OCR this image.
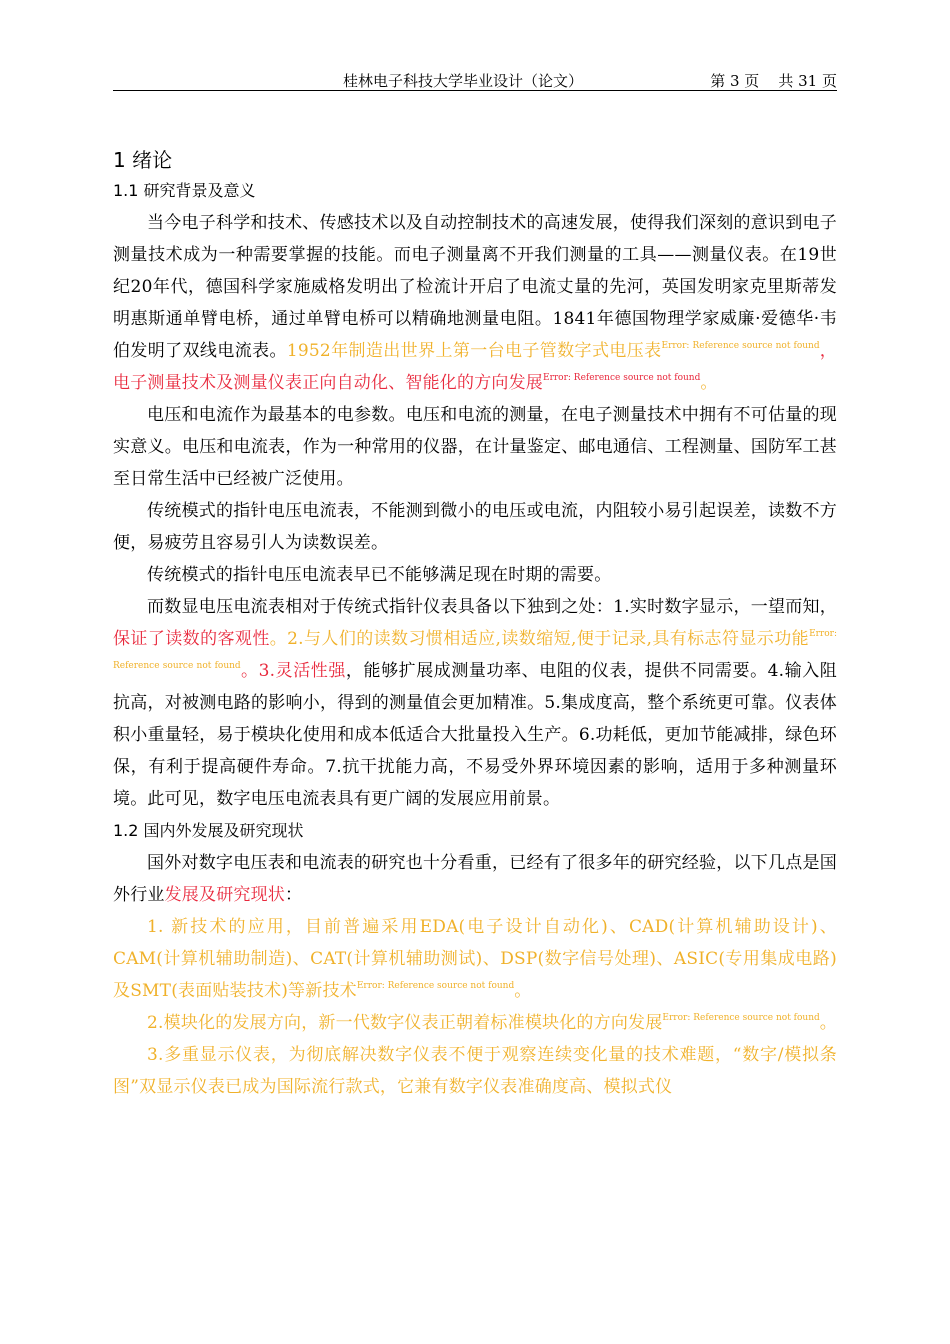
桂林电子科技大学毕业设计（论文）	第 3 页 共 31 页
1 绪论
1.1 研究背景及意义

当今电子科学和技术、传感技术以及自动控制技术的高速发展，使得我们深刻的意识到电子测量技术成为一种需要掌握的技能。而电子测量离不开我们测量的工具——测量仪表。在19世纪20年代，德国科学家施威格发明出了检流计开启了电流丈量的先河，英国发明家克里斯蒂发明惠斯通单臂电桥，通过单臂电桥可以精确地测量电阻。1841年德国物理学家威廉·爱德华·韦伯发明了双线电流表。1952年制造出世界上第一台电子管数字式电压表$^{Error: Reference source not found}$，电子测量技术及测量仪表正向自动化、智能化的方向发展$^{Error: Reference source not found}$。

电压和电流作为最基本的电参数。电压和电流的测量，在电子测量技术中拥有不可估量的现实意义。电压和电流表，作为一种常用的仪器，在计量鉴定、邮电通信、工程测量、国防军工甚至日常生活中已经被广泛使用。

传统模式的指针电压电流表，不能测到微小的电压或电流，内阻较小易引起误差，读数不方便，易疲劳且容易引人为读数误差。

传统模式的指针电压电流表早已不能够满足现在时期的需要。

而数显电压电流表相对于传统式指针仪表具备以下独到之处：1.实时数字显示，一望而知，保证了读数的客观性。2.与人们的读数习惯相适应,读数缩短,便于记录,具有标志符显示功能$^{Error: Reference source not found}$。3.灵活性强，能够扩展成测量功率、电阻的仪表，提供不同需要。4.输入阻抗高，对被测电路的影响小，得到的测量值会更加精准。5.集成度高，整个系统更可靠。仪表体积小重量轻，易于模块化使用和成本低适合大批量投入生产。6.功耗低，更加节能减排，绿色环保，有利于提高硬件寿命。7.抗干扰能力高，不易受外界环境因素的影响，适用于多种测量环境。此可见，数字电压电流表具有更广阔的发展应用前景。

1.2 国内外发展及研究现状

国外对数字电压表和电流表的研究也十分看重，已经有了很多年的研究经验，以下几点是国外行业发展及研究现状：

1. 新技术的应用，目前普遍采用EDA(电子设计自动化)、CAD(计算机辅助设计)、CAM(计算机辅助制造)、CAT(计算机辅助测试)、DSP(数字信号处理)、ASIC(专用集成电路)及SMT(表面贴装技术)等新技术$^{Error: Reference source not found}$。

2.模块化的发展方向，新一代数字仪表正朝着标准模块化的方向发展$^{Error: Reference source not found}$。

3.多重显示仪表，为彻底解决数字仪表不便于观察连续变化量的技术难题，“数字/模拟条图”双显示仪表已成为国际流行款式，它兼有数字仪表准确度高、模拟式仪
